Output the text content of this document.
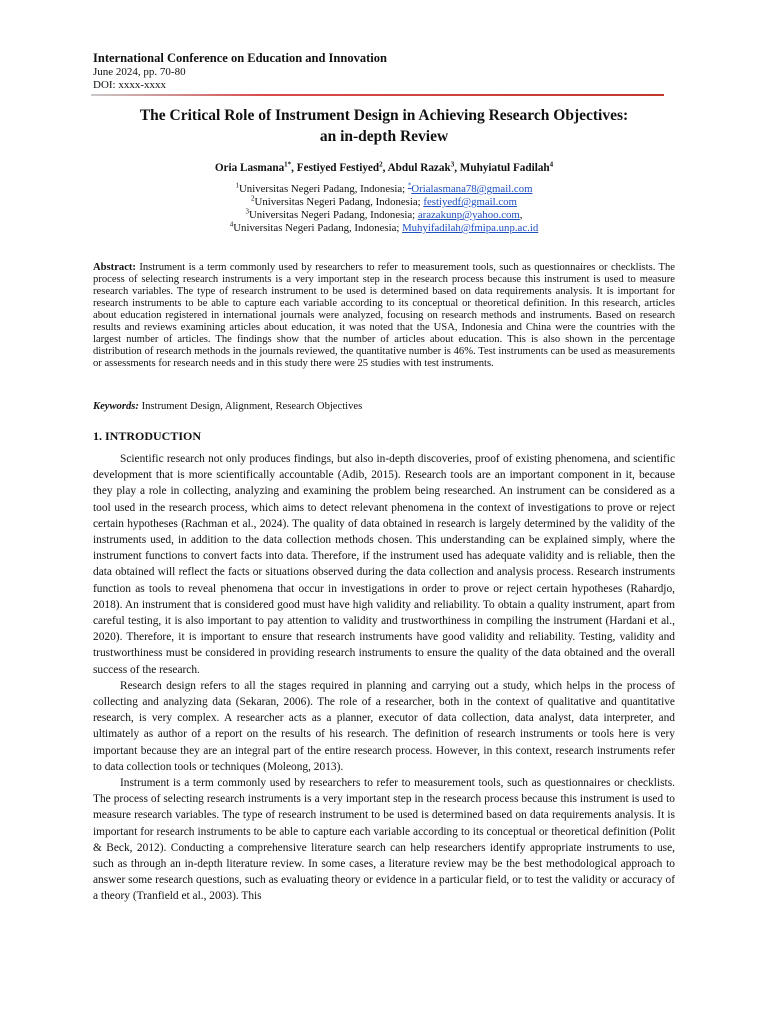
International Conference on Education and Innovation
June 2024, pp. 70-80
DOI: xxxx-xxxx
The Critical Role of Instrument Design in Achieving Research Objectives:
an in-depth Review
Oria Lasmana$^{1*}$, Festiyed Festiyed$^2$, Abdul Razak$^3$, Muhyiatul Fadilah$^4$
$^1$Universitas Negeri Padang, Indonesia; *Orialasmana78@gmail.com
$^2$Universitas Negeri Padang, Indonesia; festiyedf@gmail.com
$^3$Universitas Negeri Padang, Indonesia; arazakunp@yahoo.com,
$^4$Universitas Negeri Padang, Indonesia; Muhyifadilah@fmipa.unp.ac.id
Abstract: Instrument is a term commonly used by researchers to refer to measurement tools, such as questionnaires or checklists. The process of selecting research instruments is a very important step in the research process because this instrument is used to measure research variables. The type of research instrument to be used is determined based on data requirements analysis. It is important for research instruments to be able to capture each variable according to its conceptual or theoretical definition. In this research, articles about education registered in international journals were analyzed, focusing on research methods and instruments. Based on research results and reviews examining articles about education, it was noted that the USA, Indonesia and China were the countries with the largest number of articles. The findings show that the number of articles about education. This is also shown in the percentage distribution of research methods in the journals reviewed, the quantitative number is 46%. Test instruments can be used as measurements or assessments for research needs and in this study there were 25 studies with test instruments.
Keywords: Instrument Design, Alignment, Research Objectives
1. INTRODUCTION

Scientific research not only produces findings, but also in-depth discoveries, proof of existing phenomena, and scientific development that is more scientifically accountable (Adib, 2015). Research tools are an important component in it, because they play a role in collecting, analyzing and examining the problem being researched. An instrument can be considered as a tool used in the research process, which aims to detect relevant phenomena in the context of investigations to prove or reject certain hypotheses (Rachman et al., 2024). The quality of data obtained in research is largely determined by the validity of the instruments used, in addition to the data collection methods chosen. This understanding can be explained simply, where the instrument functions to convert facts into data. Therefore, if the instrument used has adequate validity and is reliable, then the data obtained will reflect the facts or situations observed during the data collection and analysis process. Research instruments function as tools to reveal phenomena that occur in investigations in order to prove or reject certain hypotheses (Rahardjo, 2018). An instrument that is considered good must have high validity and reliability. To obtain a quality instrument, apart from careful testing, it is also important to pay attention to validity and trustworthiness in compiling the instrument (Hardani et al., 2020). Therefore, it is important to ensure that research instruments have good validity and reliability. Testing, validity and trustworthiness must be considered in providing research instruments to ensure the quality of the data obtained and the overall success of the research.

Research design refers to all the stages required in planning and carrying out a study, which helps in the process of collecting and analyzing data (Sekaran, 2006). The role of a researcher, both in the context of qualitative and quantitative research, is very complex. A researcher acts as a planner, executor of data collection, data analyst, data interpreter, and ultimately as author of a report on the results of his research. The definition of research instruments or tools here is very important because they are an integral part of the entire research process. However, in this context, research instruments refer to data collection tools or techniques (Moleong, 2013).

Instrument is a term commonly used by researchers to refer to measurement tools, such as questionnaires or checklists. The process of selecting research instruments is a very important step in the research process because this instrument is used to measure research variables. The type of research instrument to be used is determined based on data requirements analysis. It is important for research instruments to be able to capture each variable according to its conceptual or theoretical definition (Polit & Beck, 2012). Conducting a comprehensive literature search can help researchers identify appropriate instruments to use, such as through an in-depth literature review. In some cases, a literature review may be the best methodological approach to answer some research questions, such as evaluating theory or evidence in a particular field, or to test the validity or accuracy of a theory (Tranfield et al., 2003). This
